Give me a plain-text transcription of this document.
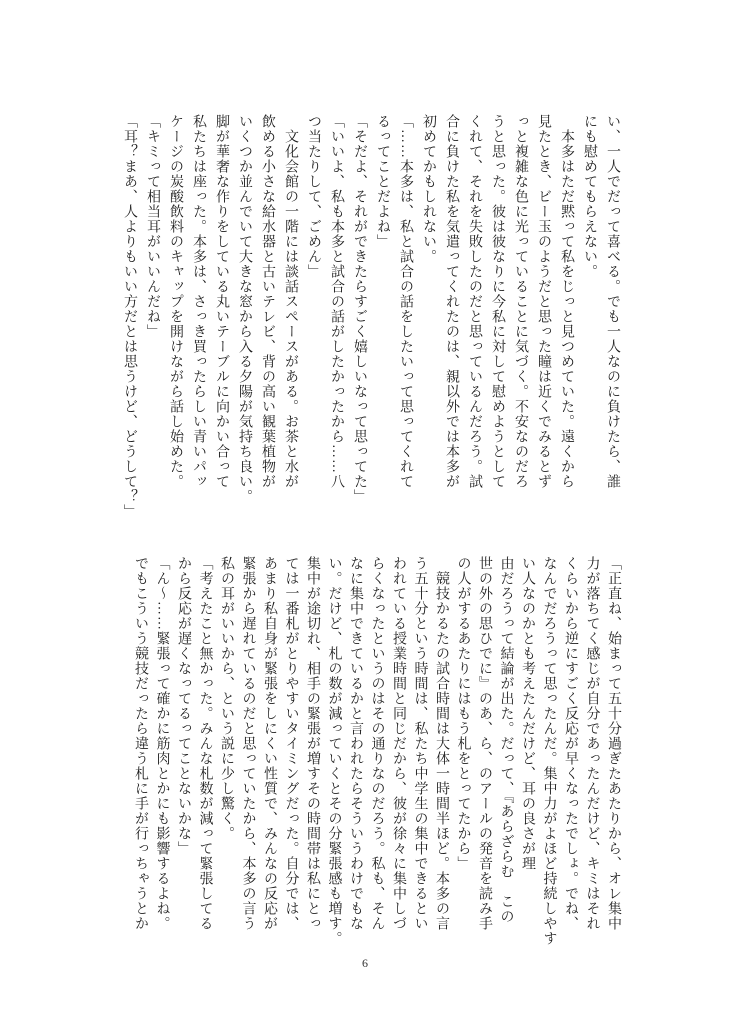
い、一人でだって喜べる。でも一人なのに負けたら、誰
にも慰めてもらえない。
　本多はただ黙って私をじっと見つめていた。遠くから
見たとき、ビー玉のようだと思った瞳は近くでみるとず
っと複雑な色に光っていることに気づく。不安なのだろ
うと思った。彼は彼なりに今私に対して慰めようとして
くれて、それを失敗したのだと思っているんだろう。試
合に負けた私を気遣ってくれたのは、親以外では本多が
初めてかもしれない。
「……本多は、私と試合の話をしたいって思ってくれて
るってことだよね」
「そだよ、それができたらすごく嬉しいなって思ってた」
「いいよ、私も本多と試合の話がしたかったから……八
つ当たりして、ごめん」
　文化会館の一階には談話スペースがある。お茶と水が
飲める小さな給水器と古いテレビ、背の高い観葉植物が
いくつか並んでいて大きな窓から入る夕陽が気持ち良い。
脚が華奢な作りをしている丸いテーブルに向かい合って
私たちは座った。本多は、さっき買ったらしい青いパッ
ケージの炭酸飲料のキャップを開けながら話し始めた。
「キミって相当耳がいいんだね」
「耳？まあ、人よりもいい方だとは思うけど、どうして？」
「正直ね、始まって五十分過ぎたあたりから、オレ集中
力が落ちてく感じが自分であったんだけど、キミはそれ
くらいから逆にすごく反応が早くなったでしょ。でね、
なんでだろうって思ったんだ。集中力がよほど持続しやす
い人なのかとも考えたんだけど、耳の良さが理
由だろうって結論が出た。だって、『あらざらむ　この
世の外の思ひでに』のあ、ら、のアールの発音を読み手
の人がするあたりにはもう札をとってたから」
　競技かるたの試合時間は大体一時間半ほど。本多の言
う五十分という時間は、私たち中学生の集中できるとい
われている授業時間と同じだから、彼が徐々に集中しづ
らくなったというのはその通りなのだろう。私も、そん
なに集中できているかと言われたらそういうわけでもな
い。だけど、札の数が減っていくとその分緊張感も増す。
集中が途切れ、相手の緊張が増すその時間帯は私にとっ
ては一番札がとりやすいタイミングだった。自分では、
あまり私自身が緊張をしにくい性質で、みんなの反応が
緊張から遅れているのだと思っていたから、本多の言う
私の耳がいいから、という説に少し驚く。
「考えたこと無かった。みんな札数が減って緊張してる
から反応が遅くなってるってことないかな」
「ん〜……緊張って確かに筋肉とかにも影響するよね。
でもこういう競技だったら違う札に手が行っちゃうとか
6
